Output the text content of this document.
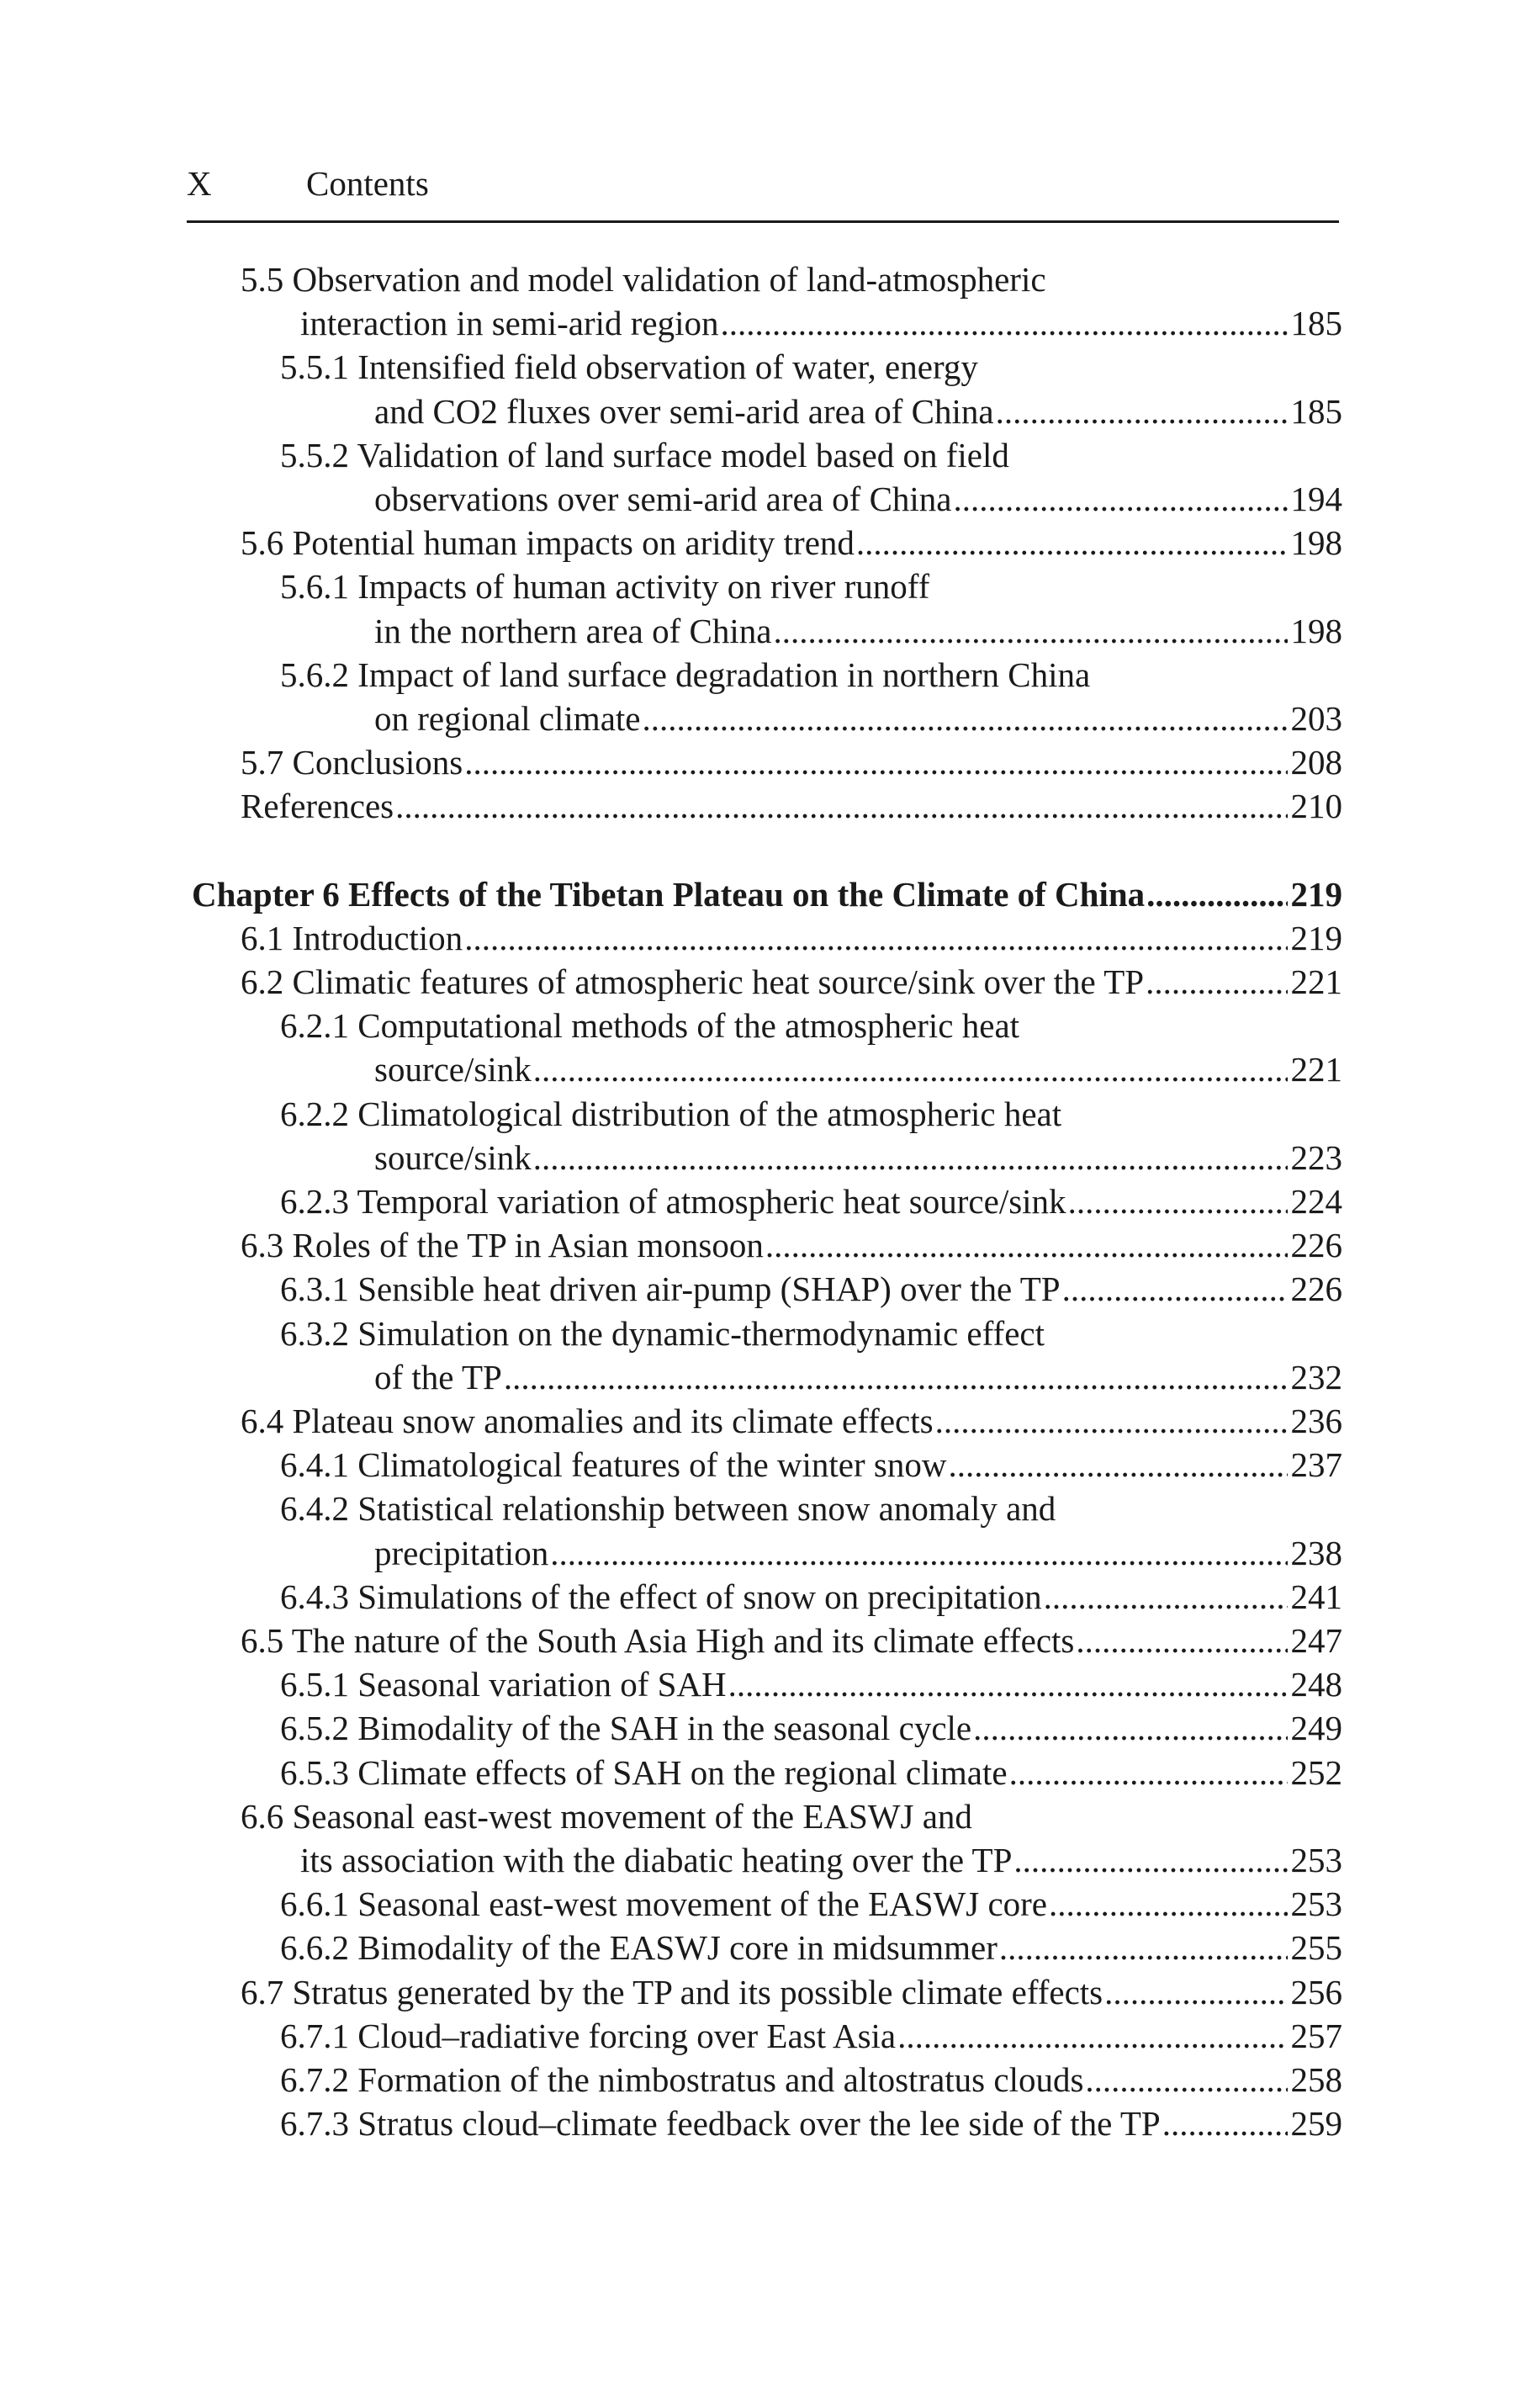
X	Contents
5.5 Observation and model validation of land-atmospheric
interaction in semi-arid region .....	185
5.5.1 Intensified field observation of water, energy
and CO2 fluxes over semi-arid area of China .....	185
5.5.2 Validation of land surface model based on field
observations over semi-arid area of China .....	194
5.6 Potential human impacts on aridity trend .....	198
5.6.1 Impacts of human activity on river runoff
in the northern area of China .....	198
5.6.2 Impact of land surface degradation in northern China
on regional climate .....	203
5.7 Conclusions .....	208
References .....	210
Chapter 6 Effects of the Tibetan Plateau on the Climate of China .....	219
6.1 Introduction .....	219
6.2 Climatic features of atmospheric heat source/sink over the TP .....	221
6.2.1 Computational methods of the atmospheric heat
source/sink .....	221
6.2.2 Climatological distribution of the atmospheric heat
source/sink .....	223
6.2.3 Temporal variation of atmospheric heat source/sink .....	224
6.3 Roles of the TP in Asian monsoon .....	226
6.3.1 Sensible heat driven air-pump (SHAP) over the TP .....	226
6.3.2 Simulation on the dynamic-thermodynamic effect
of the TP .....	232
6.4 Plateau snow anomalies and its climate effects .....	236
6.4.1 Climatological features of the winter snow .....	237
6.4.2 Statistical relationship between snow anomaly and
precipitation .....	238
6.4.3 Simulations of the effect of snow on precipitation .....	241
6.5 The nature of the South Asia High and its climate effects .....	247
6.5.1 Seasonal variation of SAH .....	248
6.5.2 Bimodality of the SAH in the seasonal cycle .....	249
6.5.3 Climate effects of SAH on the regional climate .....	252
6.6 Seasonal east-west movement of the EASWJ and
its association with the diabatic heating over the TP .....	253
6.6.1 Seasonal east-west movement of the EASWJ core .....	253
6.6.2 Bimodality of the EASWJ core in midsummer .....	255
6.7 Stratus generated by the TP and its possible climate effects .....	256
6.7.1 Cloud–radiative forcing over East Asia .....	257
6.7.2 Formation of the nimbostratus and altostratus clouds .....	258
6.7.3 Stratus cloud–climate feedback over the lee side of the TP .....	259
